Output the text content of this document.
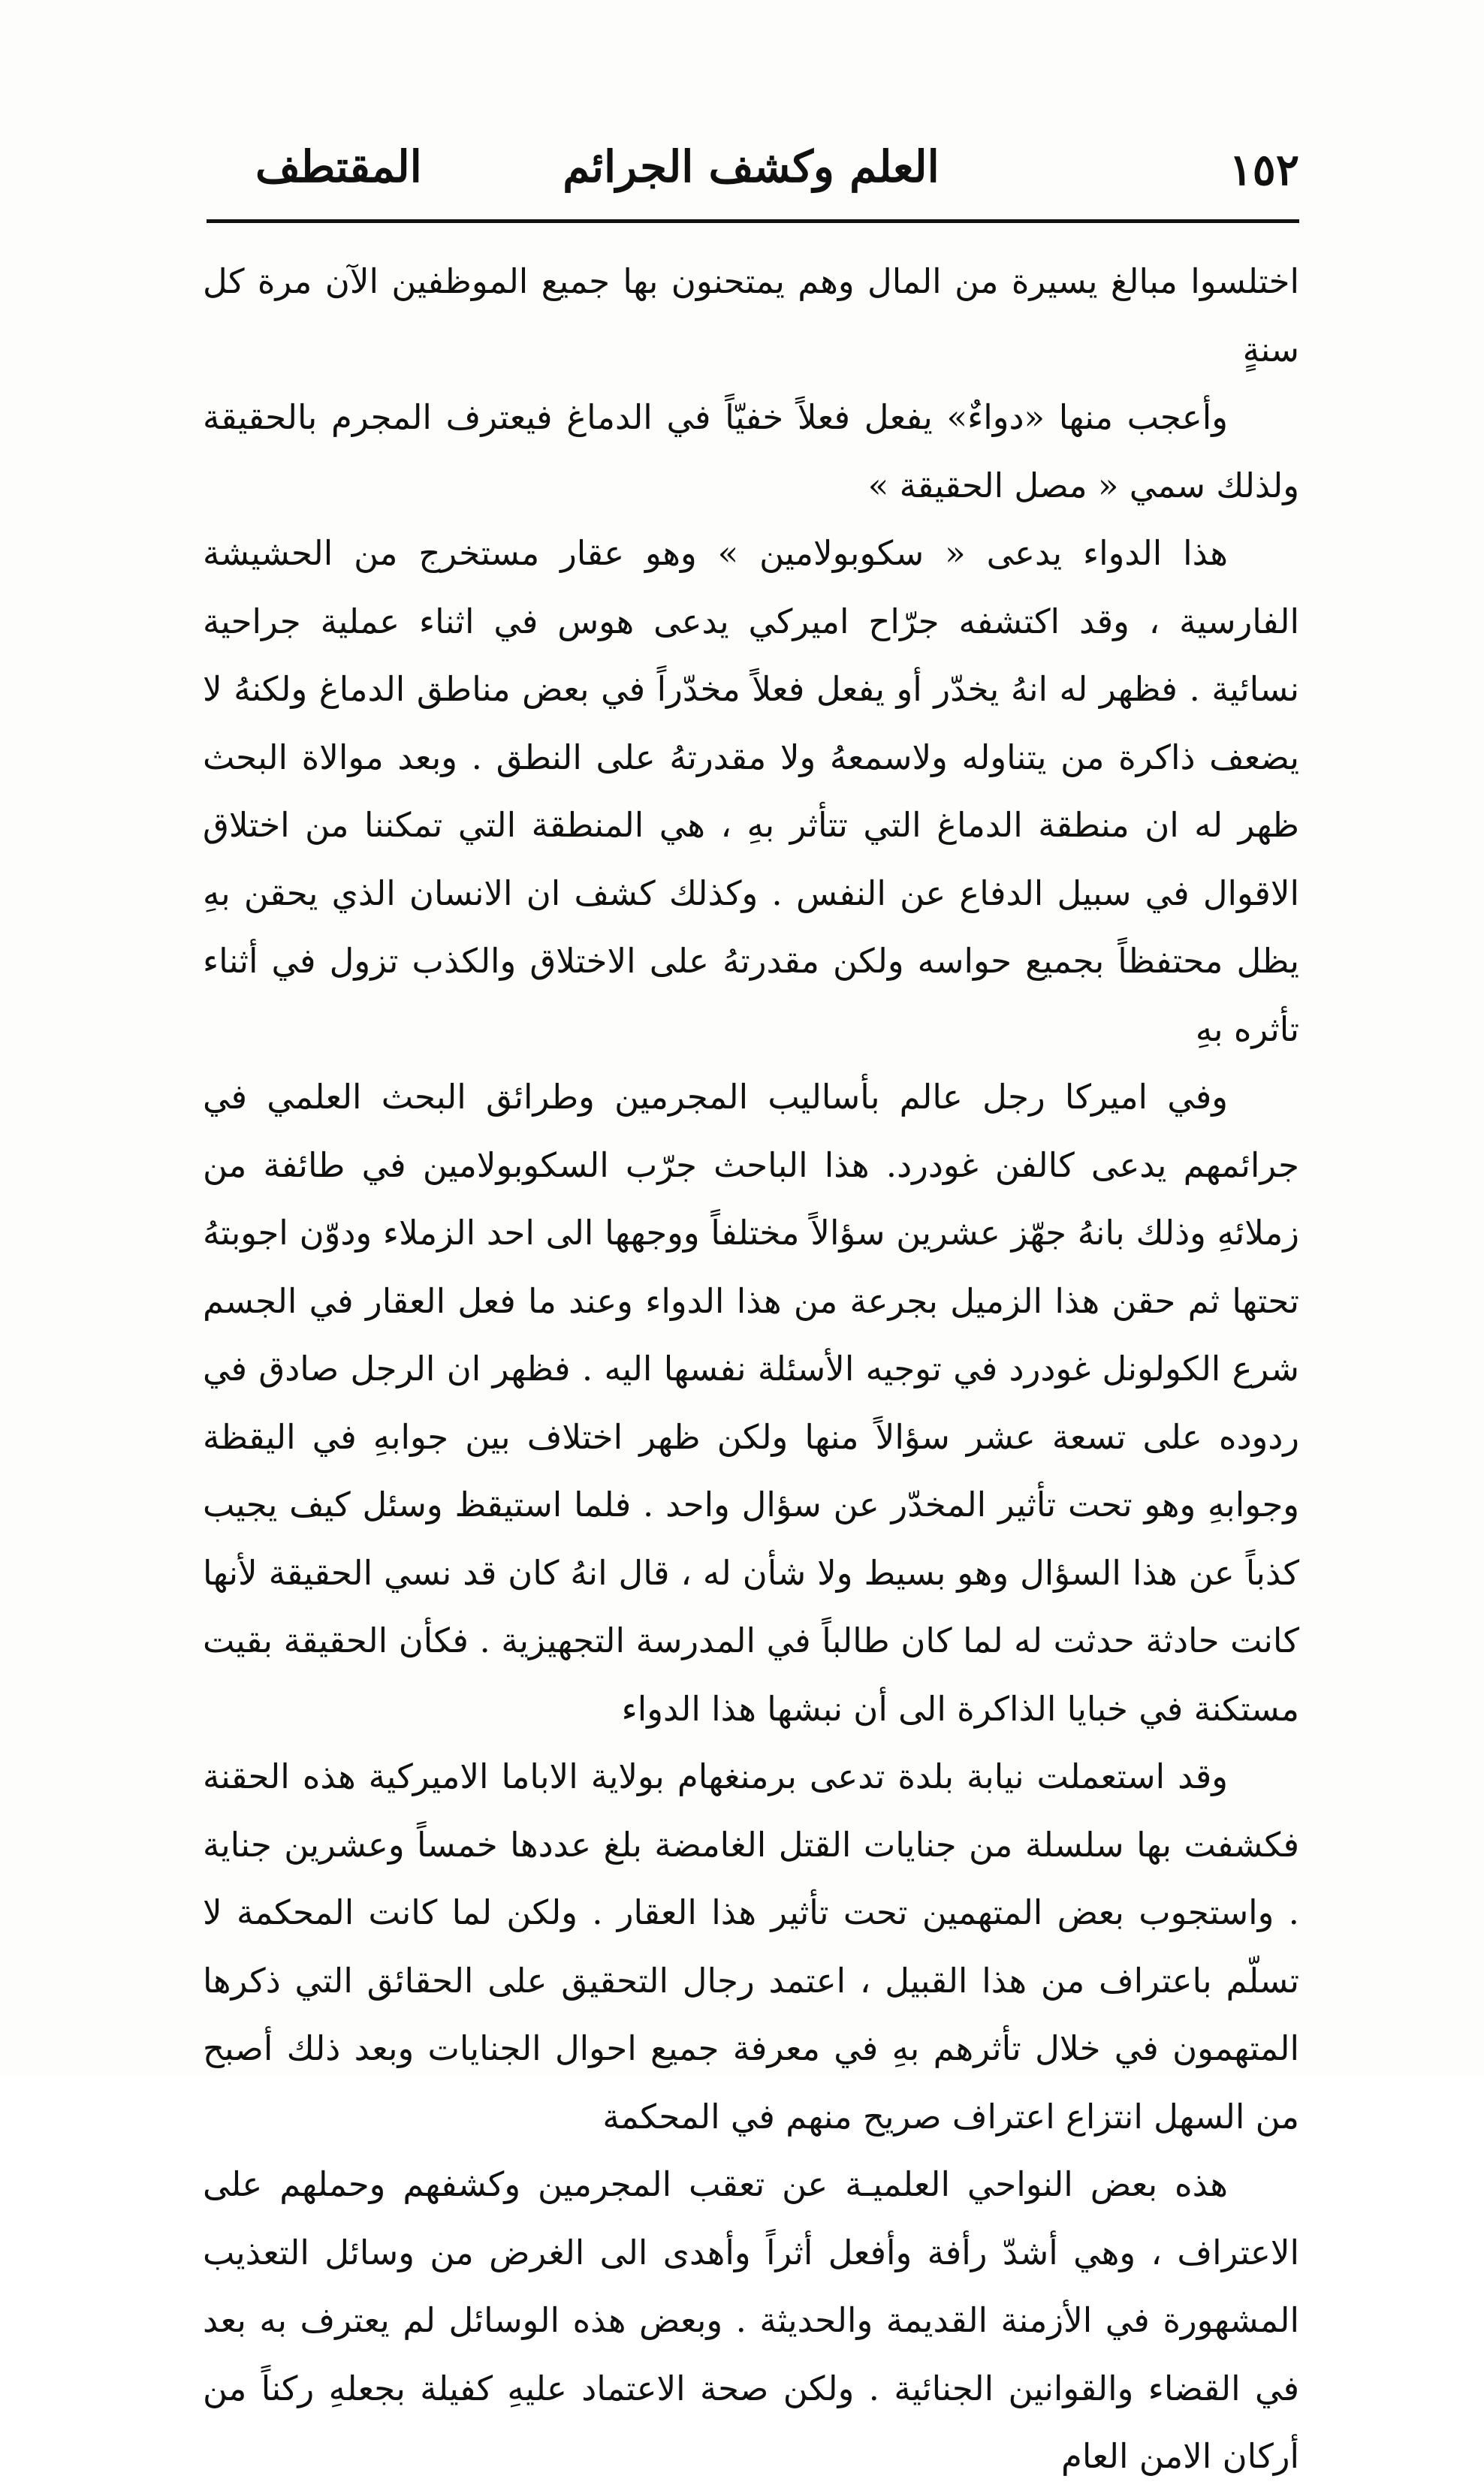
١٥٢
العلم وكشف الجرائم
المقتطف

اختلسوا مبالغ يسيرة من المال وهم يمتحنون بها جميع الموظفين الآن مرة كل سنةٍ

وأعجب منها «دواءٌ» يفعل فعلاً خفيّاً في الدماغ فيعترف المجرم بالحقيقة ولذلك سمي « مصل الحقيقة »

هذا الدواء يدعى « سكوبولامين » وهو عقار مستخرج من الحشيشة الفارسية ، وقد اكتشفه جرّاح اميركي يدعى هوس في اثناء عملية جراحية نسائية . فظهر له انهُ يخدّر أو يفعل فعلاً مخدّراً في بعض مناطق الدماغ ولكنهُ لا يضعف ذاكرة من يتناوله ولاسمعهُ ولا مقدرتهُ على النطق . وبعد موالاة البحث ظهر له ان منطقة الدماغ التي تتأثر بهِ ، هي المنطقة التي تمكننا من اختلاق الاقوال في سبيل الدفاع عن النفس . وكذلك كشف ان الانسان الذي يحقن بهِ يظل محتفظاً بجميع حواسه ولكن مقدرتهُ على الاختلاق والكذب تزول في أثناء تأثره بهِ

وفي اميركا رجل عالم بأساليب المجرمين وطرائق البحث العلمي في جرائمهم يدعى كالفن غودرد. هذا الباحث جرّب السكوبولامين في طائفة من زملائهِ وذلك بانهُ جهّز عشرين سؤالاً مختلفاً ووجهها الى احد الزملاء ودوّن اجوبتهُ تحتها ثم حقن هذا الزميل بجرعة من هذا الدواء وعند ما فعل العقار في الجسم شرع الكولونل غودرد في توجيه الأسئلة نفسها اليه . فظهر ان الرجل صادق في ردوده على تسعة عشر سؤالاً منها ولكن ظهر اختلاف بين جوابهِ في اليقظة وجوابهِ وهو تحت تأثير المخدّر عن سؤال واحد . فلما استيقظ وسئل كيف يجيب كذباً عن هذا السؤال وهو بسيط ولا شأن له ، قال انهُ كان قد نسي الحقيقة لأنها كانت حادثة حدثت له لما كان طالباً في المدرسة التجهيزية . فكأن الحقيقة بقيت مستكنة في خبايا الذاكرة الى أن نبشها هذا الدواء

وقد استعملت نيابة بلدة تدعى برمنغهام بولاية الاباما الاميركية هذه الحقنة فكشفت بها سلسلة من جنايات القتل الغامضة بلغ عددها خمساً وعشرين جناية . واستجوب بعض المتهمين تحت تأثير هذا العقار . ولكن لما كانت المحكمة لا تسلّم باعتراف من هذا القبيل ، اعتمد رجال التحقيق على الحقائق التي ذكرها المتهمون في خلال تأثرهم بهِ في معرفة جميع احوال الجنايات وبعد ذلك أصبح من السهل انتزاع اعتراف صريح منهم في المحكمة

هذه بعض النواحي العلميـة عن تعقب المجرمين وكشفهم وحملهم على الاعتراف ، وهي أشدّ رأفة وأفعل أثراً وأهدى الى الغرض من وسائل التعذيب المشهورة في الأزمنة القديمة والحديثة . وبعض هذه الوسائل لم يعترف به بعد في القضاء والقوانين الجنائية . ولكن صحة الاعتماد عليهِ كفيلة بجعلهِ ركناً من أركان الامن العام
